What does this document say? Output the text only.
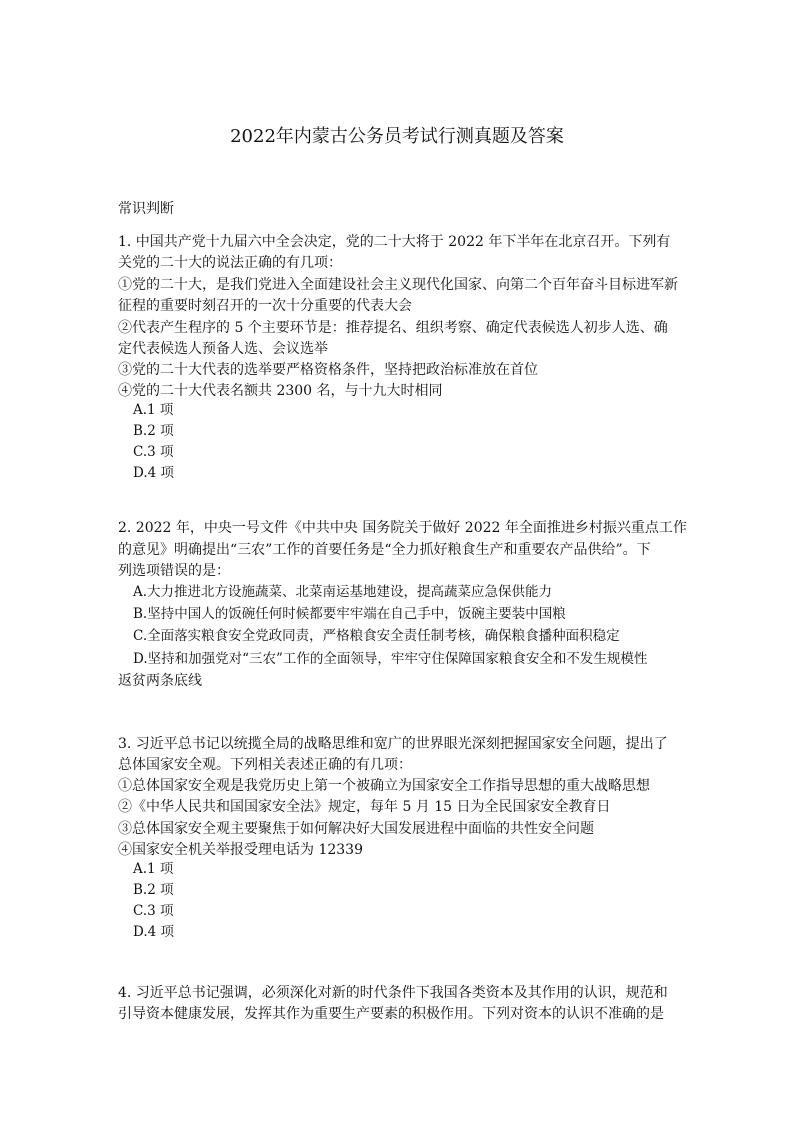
2022年内蒙古公务员考试行测真题及答案
常识判断
1. 中国共产党十九届六中全会决定，党的二十大将于 2022 年下半年在北京召开。下列有
关党的二十大的说法正确的有几项：
①党的二十大，是我们党进入全面建设社会主义现代化国家、向第二个百年奋斗目标进军新
征程的重要时刻召开的一次十分重要的代表大会
②代表产生程序的 5 个主要环节是：推荐提名、组织考察、确定代表候选人初步人选、确
定代表候选人预备人选、会议选举
③党的二十大代表的选举要严格资格条件，坚持把政治标准放在首位
④党的二十大代表名额共 2300 名，与十九大时相同
A.1 项
B.2 项
C.3 项
D.4 项
2. 2022 年，中央一号文件《中共中央 国务院关于做好 2022 年全面推进乡村振兴重点工作
的意见》明确提出“三农”工作的首要任务是“全力抓好粮食生产和重要农产品供给”。下
列选项错误的是：
A.大力推进北方设施蔬菜、北菜南运基地建设，提高蔬菜应急保供能力
B.坚持中国人的饭碗任何时候都要牢牢端在自己手中，饭碗主要装中国粮
C.全面落实粮食安全党政同责，严格粮食安全责任制考核，确保粮食播种面积稳定
D.坚持和加强党对“三农”工作的全面领导，牢牢守住保障国家粮食安全和不发生规模性
返贫两条底线
3. 习近平总书记以统揽全局的战略思维和宽广的世界眼光深刻把握国家安全问题，提出了
总体国家安全观。下列相关表述正确的有几项：
①总体国家安全观是我党历史上第一个被确立为国家安全工作指导思想的重大战略思想
②《中华人民共和国国家安全法》规定，每年 5 月 15 日为全民国家安全教育日
③总体国家安全观主要聚焦于如何解决好大国发展进程中面临的共性安全问题
④国家安全机关举报受理电话为 12339
A.1 项
B.2 项
C.3 项
D.4 项
4. 习近平总书记强调，必须深化对新的时代条件下我国各类资本及其作用的认识，规范和
引导资本健康发展，发挥其作为重要生产要素的积极作用。下列对资本的认识不准确的是
